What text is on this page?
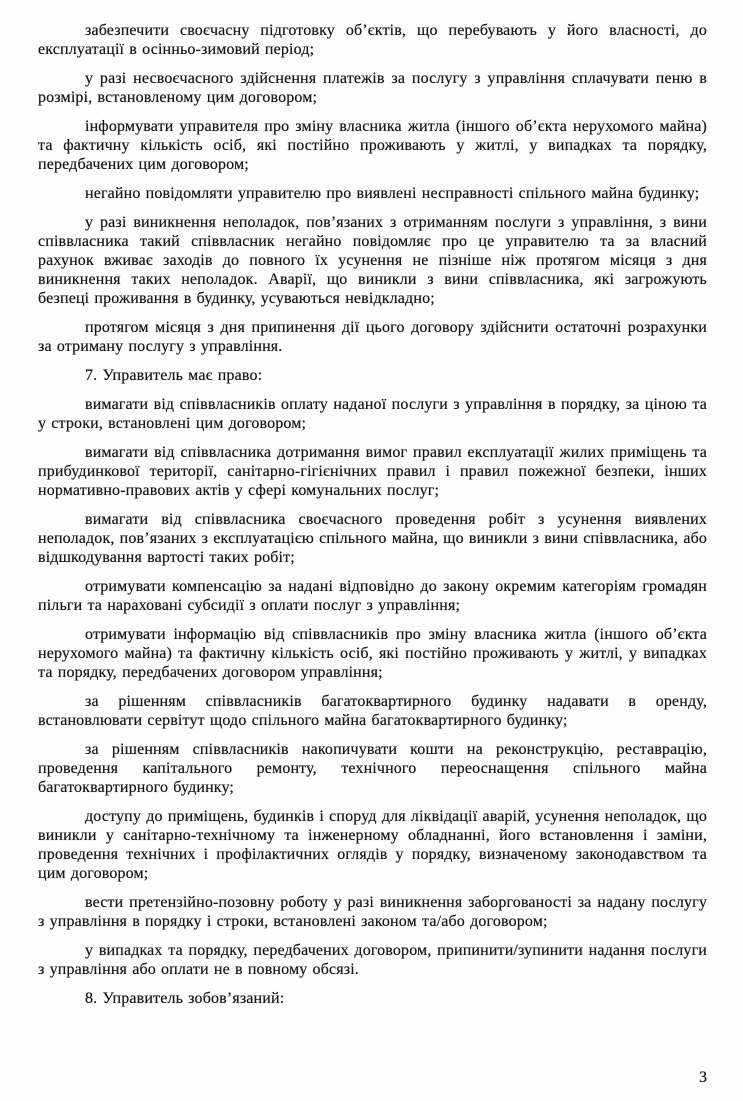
забезпечити своєчасну підготовку об’єктів, що перебувають у його власності, до експлуатації в осінньо-зимовий період;

у разі несвоєчасного здійснення платежів за послугу з управління сплачувати пеню в розмірі, встановленому цим договором;

інформувати управителя про зміну власника житла (іншого об’єкта нерухомого майна) та фактичну кількість осіб, які постійно проживають у житлі, у випадках та порядку, передбачених цим договором;

негайно повідомляти управителю про виявлені несправності спільного майна будинку;

у разі виникнення неполадок, пов’язаних з отриманням послуги з управління, з вини співвласника такий співвласник негайно повідомляє про це управителю та за власний рахунок вживає заходів до повного їх усунення не пізніше ніж протягом місяця з дня виникнення таких неполадок. Аварії, що виникли з вини співвласника, які загрожують безпеці проживання в будинку, усуваються невідкладно;

протягом місяця з дня припинення дії цього договору здійснити остаточні розрахунки за отриману послугу з управління.

7. Управитель має право:

вимагати від співвласників оплату наданої послуги з управління в порядку, за ціною та у строки, встановлені цим договором;

вимагати від співвласника дотримання вимог правил експлуатації жилих приміщень та прибудинкової території, санітарно-гігієнічних правил і правил пожежної безпеки, інших нормативно-правових актів у сфері комунальних послуг;

вимагати від співвласника своєчасного проведення робіт з усунення виявлених неполадок, пов’язаних з експлуатацією спільного майна, що виникли з вини співвласника, або відшкодування вартості таких робіт;

отримувати компенсацію за надані відповідно до закону окремим категоріям громадян пільги та нараховані субсидії з оплати послуг з управління;

отримувати інформацію від співвласників про зміну власника житла (іншого об’єкта нерухомого майна) та фактичну кількість осіб, які постійно проживають у житлі, у випадках та порядку, передбачених договором управління;

за рішенням співвласників багатоквартирного будинку надавати в оренду, встановлювати сервітут щодо спільного майна багатоквартирного будинку;

за рішенням співвласників накопичувати кошти на реконструкцію, реставрацію, проведення капітального ремонту, технічного переоснащення спільного майна багатоквартирного будинку;

доступу до приміщень, будинків і споруд для ліквідації аварій, усунення неполадок, що виникли у санітарно-технічному та інженерному обладнанні, його встановлення і заміни, проведення технічних і профілактичних оглядів у порядку, визначеному законодавством та цим договором;

вести претензійно-позовну роботу у разі виникнення заборгованості за надану послугу з управління в порядку і строки, встановлені законом та/або договором;

у випадках та порядку, передбачених договором, припинити/зупинити надання послуги з управління або оплати не в повному обсязі.

8. Управитель зобов’язаний:

3
